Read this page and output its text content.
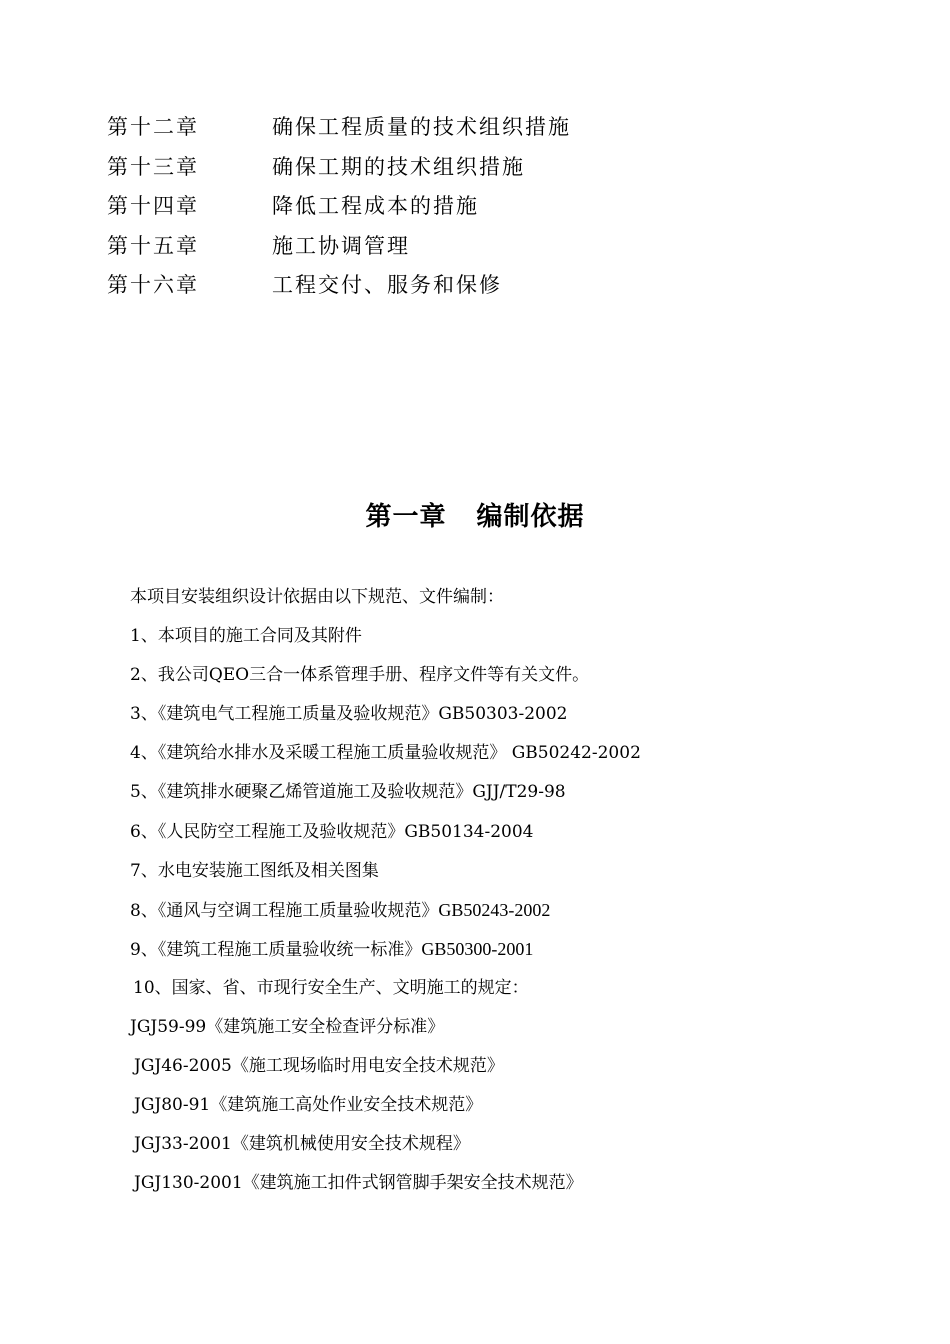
第十二章	确保工程质量的技术组织措施
第十三章	确保工期的技术组织措施
第十四章	降低工程成本的措施
第十五章	施工协调管理
第十六章	工程交付、服务和保修
第一章 编制依据
本项目安装组织设计依据由以下规范、文件编制：
1、本项目的施工合同及其附件
2、我公司QEO三合一体系管理手册、程序文件等有关文件。
3、《建筑电气工程施工质量及验收规范》GB50303-2002
4、《建筑给水排水及采暖工程施工质量验收规范》 GB50242-2002
5、《建筑排水硬聚乙烯管道施工及验收规范》GJJ/T29-98
6、《人民防空工程施工及验收规范》GB50134-2004
7、水电安装施工图纸及相关图集
8、《通风与空调工程施工质量验收规范》GB50243-2002
9、《建筑工程施工质量验收统一标准》GB50300-2001
10、国家、省、市现行安全生产、文明施工的规定：
JGJ59-99《建筑施工安全检查评分标准》
JGJ46-2005《施工现场临时用电安全技术规范》
JGJ80-91《建筑施工高处作业安全技术规范》
JGJ33-2001《建筑机械使用安全技术规程》
JGJ130-2001《建筑施工扣件式钢管脚手架安全技术规范》
